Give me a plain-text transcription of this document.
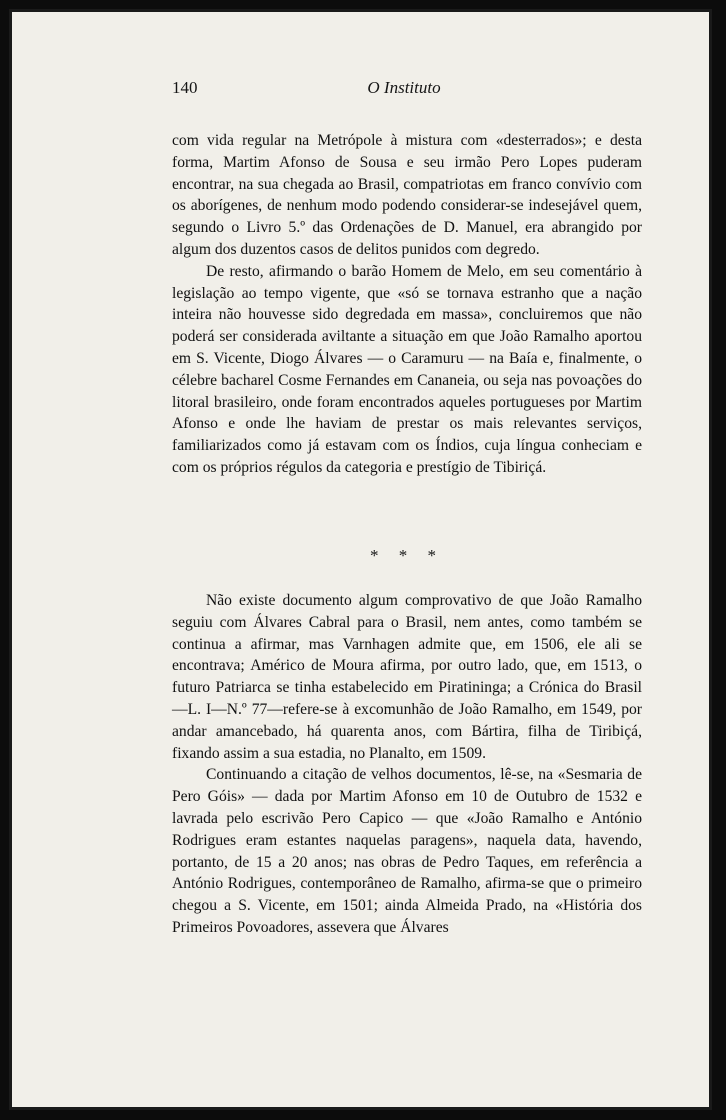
140	O Instituto

com vida regular na Metrópole à mistura com «desterrados»; e desta forma, Martim Afonso de Sousa e seu irmão Pero Lopes puderam encontrar, na sua chegada ao Brasil, compatriotas em franco convívio com os aborígenes, de nenhum modo podendo considerar-se indesejável quem, segundo o Livro 5.º das Ordenações de D. Manuel, era abrangido por algum dos duzentos casos de delitos punidos com degredo.

De resto, afirmando o barão Homem de Melo, em seu comentário à legislação ao tempo vigente, que «só se tornava estranho que a nação inteira não houvesse sido degredada em massa», concluiremos que não poderá ser considerada aviltante a situação em que João Ramalho aportou em S. Vicente, Diogo Álvares — o Caramuru — na Baía e, finalmente, o célebre bacharel Cosme Fernandes em Cananeia, ou seja nas povoações do litoral brasileiro, onde foram encontrados aqueles portugueses por Martim Afonso e onde lhe haviam de prestar os mais relevantes serviços, familiarizados como já estavam com os Índios, cuja língua conheciam e com os próprios régulos da categoria e prestígio de Tibiriçá.

* * *

Não existe documento algum comprovativo de que João Ramalho seguiu com Álvares Cabral para o Brasil, nem antes, como também se continua a afirmar, mas Varnhagen admite que, em 1506, ele ali se encontrava; Américo de Moura afirma, por outro lado, que, em 1513, o futuro Patriarca se tinha estabelecido em Piratininga; a Crónica do Brasil—L. I—N.º 77—refere-se à excomunhão de João Ramalho, em 1549, por andar amancebado, há quarenta anos, com Bártira, filha de Tiribiçá, fixando assim a sua estadia, no Planalto, em 1509.

Continuando a citação de velhos documentos, lê-se, na «Sesmaria de Pero Góis» — dada por Martim Afonso em 10 de Outubro de 1532 e lavrada pelo escrivão Pero Capico — que «João Ramalho e António Rodrigues eram estantes naquelas paragens», naquela data, havendo, portanto, de 15 a 20 anos; nas obras de Pedro Taques, em referência a António Rodrigues, contemporâneo de Ramalho, afirma-se que o primeiro chegou a S. Vicente, em 1501; ainda Almeida Prado, na «História dos Primeiros Povoadores, assevera que Álvares
